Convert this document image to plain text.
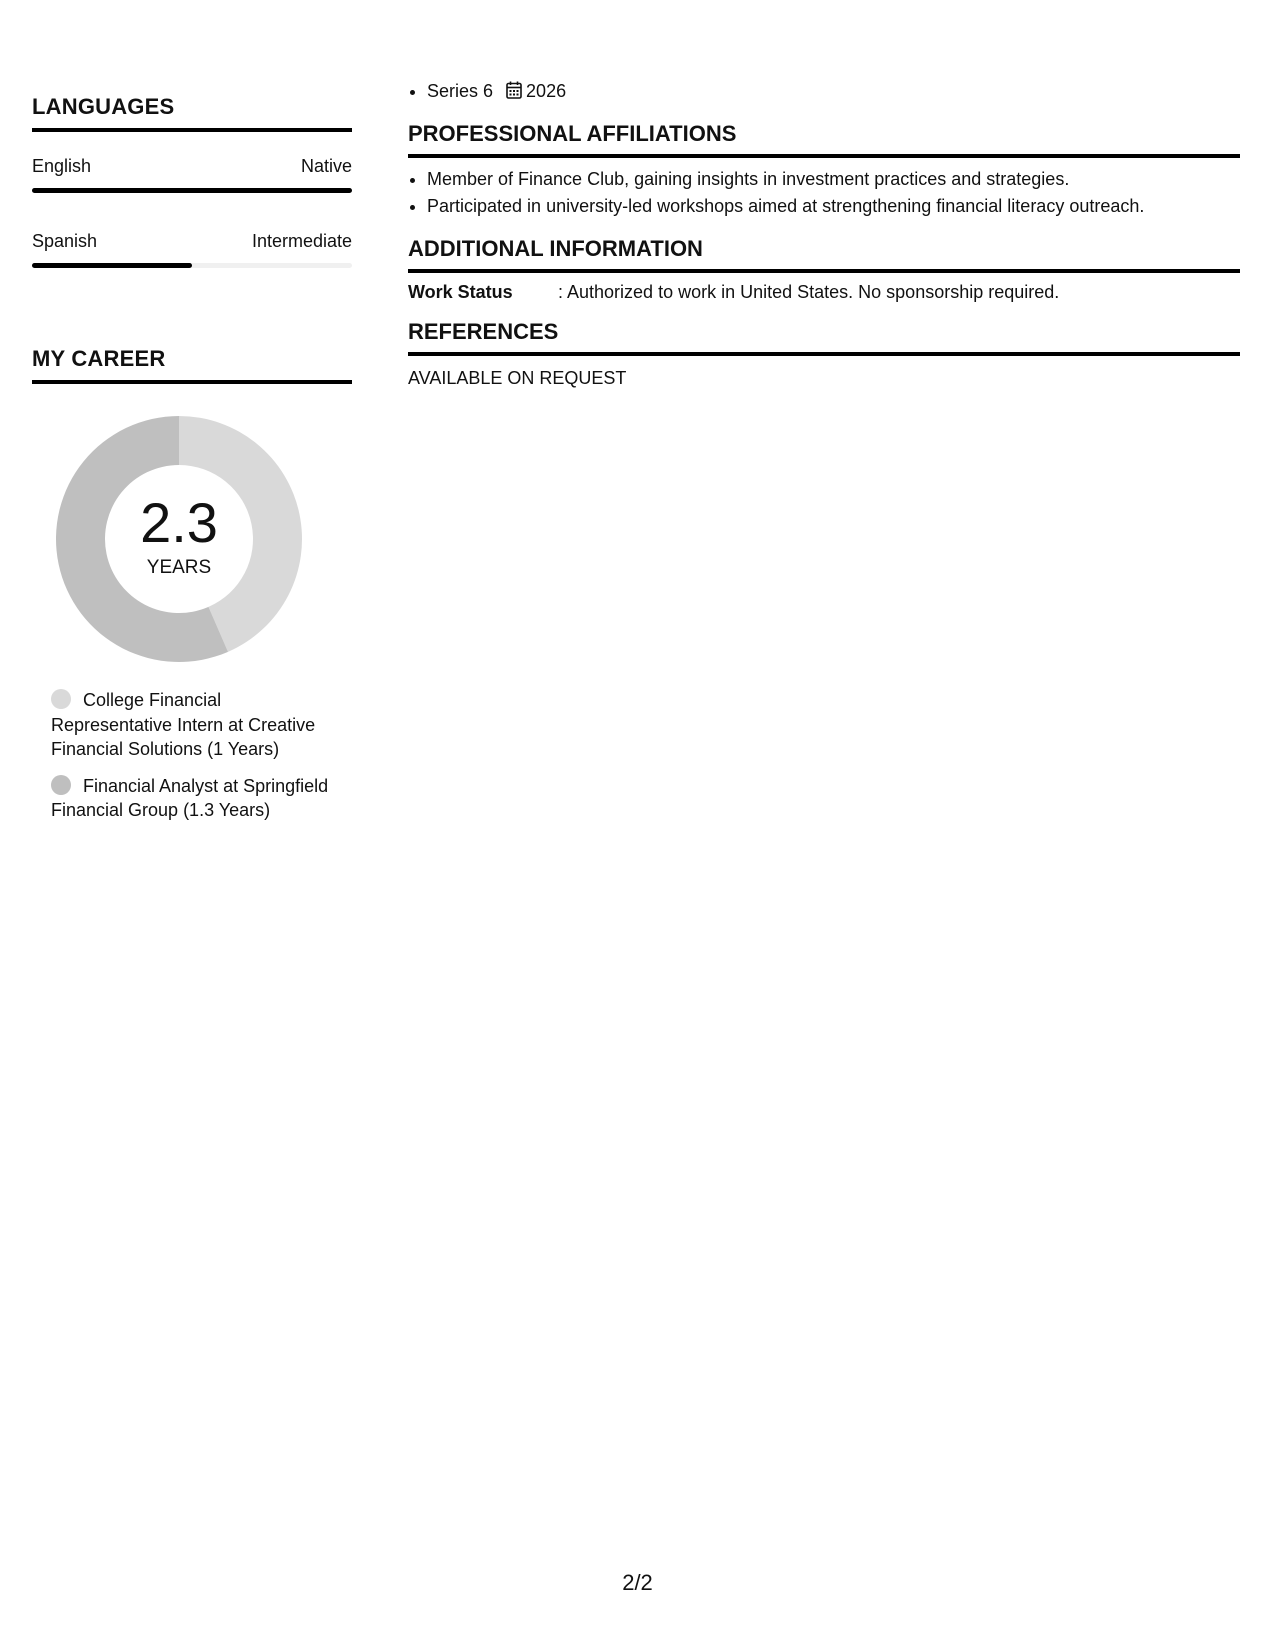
LANGUAGES
English	Native
Spanish	Intermediate
MY CAREER
2.3
YEARS
College Financial Representative Intern at Creative Financial Solutions (1 Years)
Financial Analyst at Springfield Financial Group (1.3 Years)
• Series 6 2026
PROFESSIONAL AFFILIATIONS
• Member of Finance Club, gaining insights in investment practices and strategies.
• Participated in university-led workshops aimed at strengthening financial literacy outreach.
ADDITIONAL INFORMATION
Work Status	: Authorized to work in United States. No sponsorship required.
REFERENCES
AVAILABLE ON REQUEST
2/2
